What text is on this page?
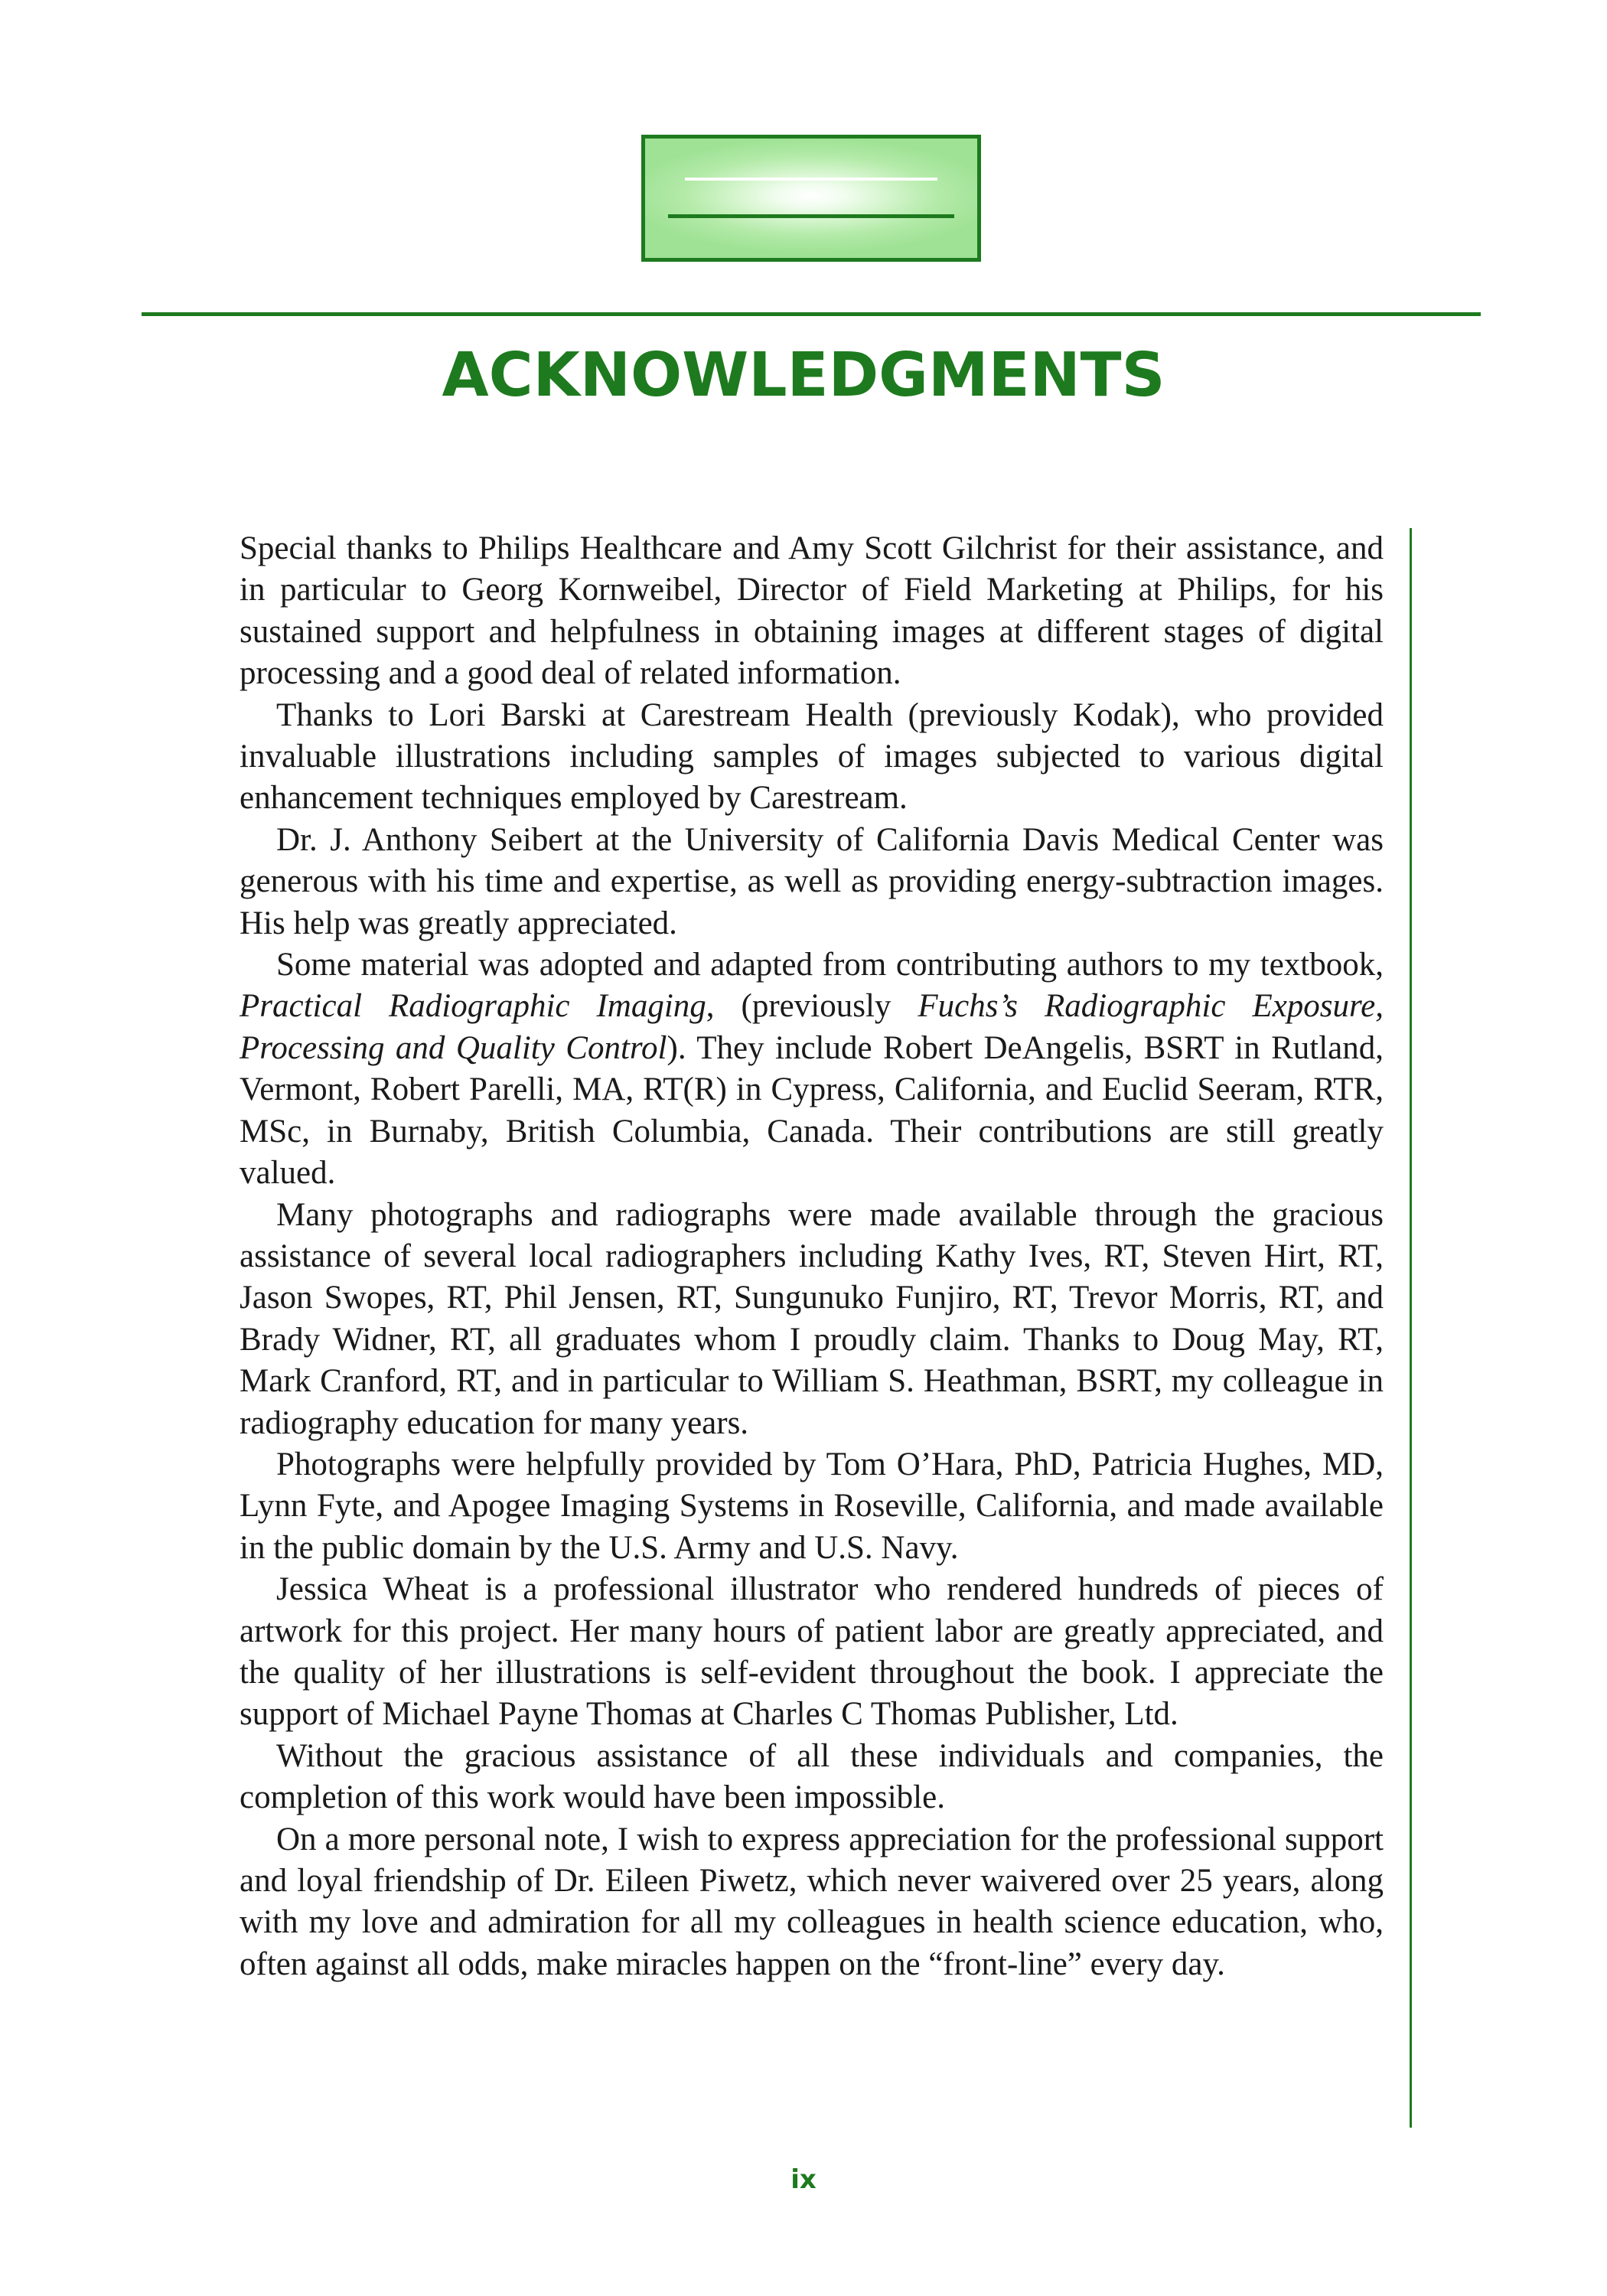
ACKNOWLEDGMENTS

Special thanks to Philips Healthcare and Amy Scott Gilchrist for their assistance, and in particular to Georg Kornweibel, Director of Field Marketing at Philips, for his sustained support and helpfulness in obtaining images at different stages of digital processing and a good deal of related information.

Thanks to Lori Barski at Carestream Health (previously Kodak), who provided invaluable illustrations including samples of images subjected to various digital enhancement techniques employed by Carestream.

Dr. J. Anthony Seibert at the University of California Davis Medical Center was generous with his time and expertise, as well as providing energy-subtraction images. His help was greatly appreciated.

Some material was adopted and adapted from contributing authors to my textbook, Practical Radiographic Imaging, (previously Fuchs’s Radiographic Exposure, Processing and Quality Control). They include Robert DeAngelis, BSRT in Rutland, Vermont, Robert Parelli, MA, RT(R) in Cypress, California, and Euclid Seeram, RTR, MSc, in Burnaby, British Columbia, Canada. Their contributions are still greatly valued.

Many photographs and radiographs were made available through the gracious assistance of several local radiographers including Kathy Ives, RT, Steven Hirt, RT, Jason Swopes, RT, Phil Jensen, RT, Sungunuko Funjiro, RT, Trevor Morris, RT, and Brady Widner, RT, all graduates whom I proudly claim. Thanks to Doug May, RT, Mark Cranford, RT, and in particular to William S. Heathman, BSRT, my colleague in radiography education for many years.

Photographs were helpfully provided by Tom O’Hara, PhD, Patricia Hughes, MD, Lynn Fyte, and Apogee Imaging Systems in Roseville, California, and made available in the public domain by the U.S. Army and U.S. Navy.

Jessica Wheat is a professional illustrator who rendered hundreds of pieces of artwork for this project. Her many hours of patient labor are greatly appreciated, and the quality of her illustrations is self-evident throughout the book. I appreciate the support of Michael Payne Thomas at Charles C Thomas Publisher, Ltd.

Without the gracious assistance of all these individuals and companies, the completion of this work would have been impossible.

On a more personal note, I wish to express appreciation for the professional support and loyal friendship of Dr. Eileen Piwetz, which never waivered over 25 years, along with my love and admiration for all my colleagues in health science education, who, often against all odds, make miracles happen on the “front-line” every day.

ix
